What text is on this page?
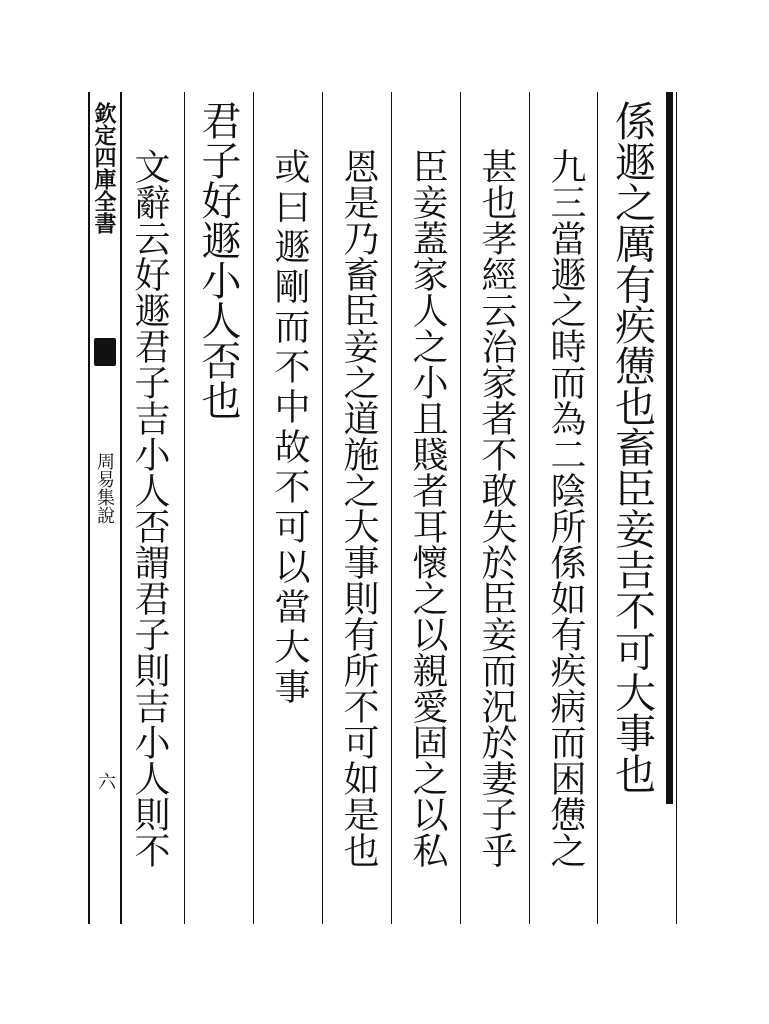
欽定四庫全書
周易集說
六	係遯之厲有疾憊也畜臣妾吉不可大事也
九三當遯之時而為二陰所係如有疾病而困憊之
甚也孝經云治家者不敢失於臣妾而況於妻子乎
臣妾蓋家人之小且賤者耳懷之以親愛固之以私
恩是乃畜臣妾之道施之大事則有所不可如是也
或曰遯剛而不中故不可以當大事
君子好遯小人否也
文辭云好遯君子吉小人否謂君子則吉小人則不
